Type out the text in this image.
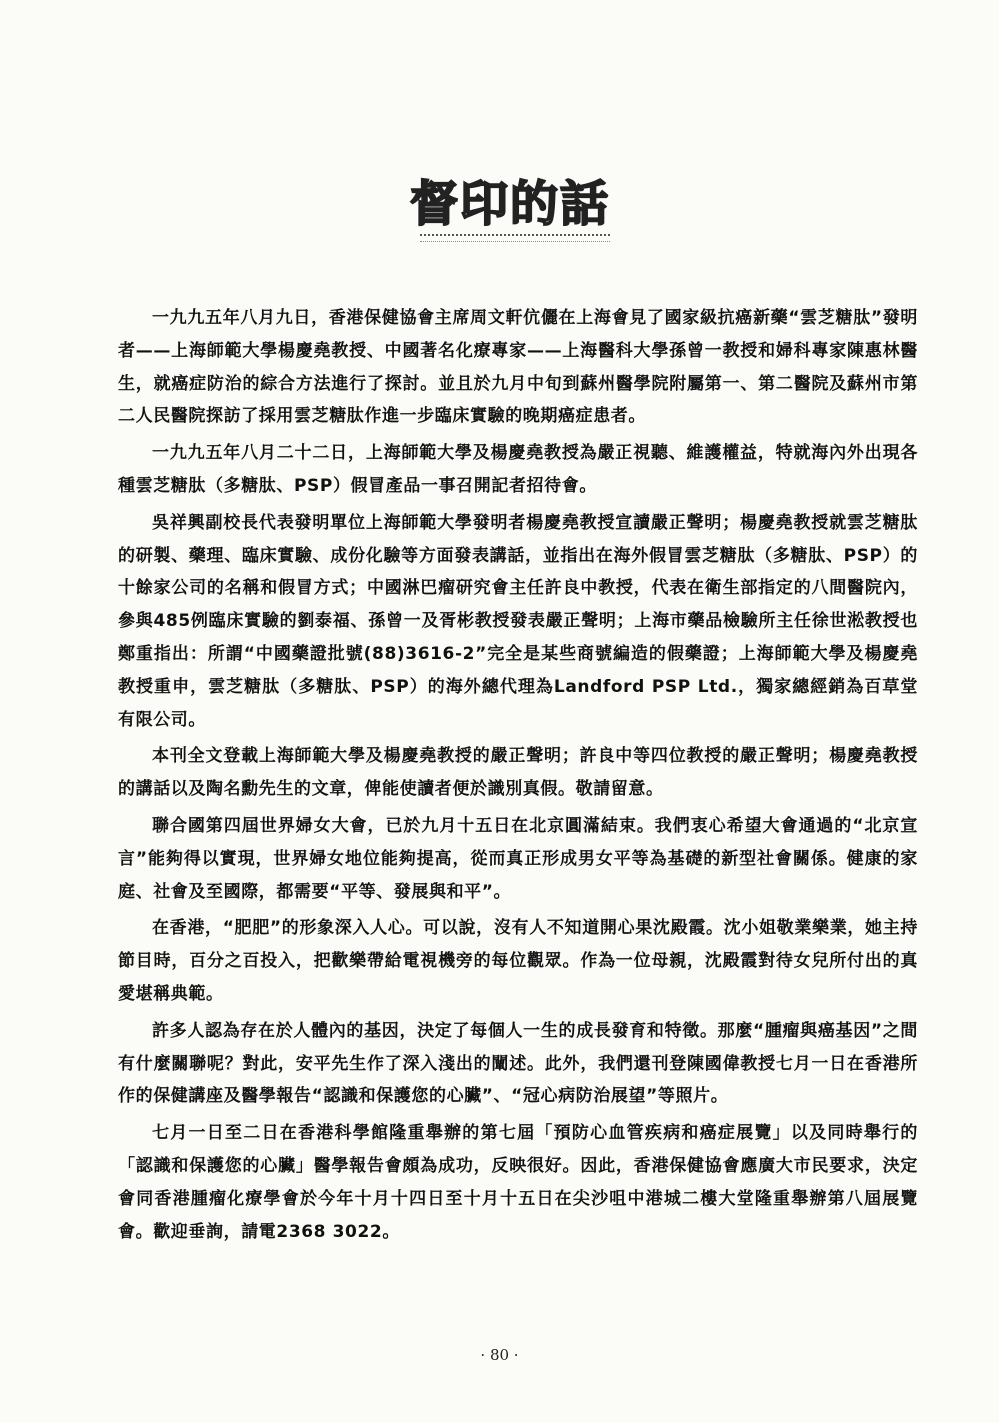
督印的話

一九九五年八月九日，香港保健協會主席周文軒伉儷在上海會見了國家級抗癌新藥“雲芝糖肽”發明者——上海師範大學楊慶堯教授、中國著名化療專家——上海醫科大學孫曾一教授和婦科專家陳惠林醫生，就癌症防治的綜合方法進行了探討。並且於九月中旬到蘇州醫學院附屬第一、第二醫院及蘇州市第二人民醫院探訪了採用雲芝糖肽作進一步臨床實驗的晚期癌症患者。

一九九五年八月二十二日，上海師範大學及楊慶堯教授為嚴正視聽、維護權益，特就海內外出現各種雲芝糖肽（多糖肽、PSP）假冒產品一事召開記者招待會。

吳祥興副校長代表發明單位上海師範大學發明者楊慶堯教授宣讀嚴正聲明；楊慶堯教授就雲芝糖肽的研製、藥理、臨床實驗、成份化驗等方面發表講話，並指出在海外假冒雲芝糖肽（多糖肽、PSP）的十餘家公司的名稱和假冒方式；中國淋巴瘤研究會主任許良中教授，代表在衛生部指定的八間醫院內，參與485例臨床實驗的劉泰福、孫曾一及胥彬教授發表嚴正聲明；上海市藥品檢驗所主任徐世淞教授也鄭重指出：所謂“中國藥證批號(88)3616-2”完全是某些商號編造的假藥證；上海師範大學及楊慶堯教授重申，雲芝糖肽（多糖肽、PSP）的海外總代理為Landford PSP Ltd.，獨家總經銷為百草堂有限公司。

本刊全文登載上海師範大學及楊慶堯教授的嚴正聲明；許良中等四位教授的嚴正聲明；楊慶堯教授的講話以及陶名勳先生的文章，俾能使讀者便於識別真假。敬請留意。

聯合國第四屆世界婦女大會，已於九月十五日在北京圓滿結束。我們衷心希望大會通過的“北京宣言”能夠得以實現，世界婦女地位能夠提高，從而真正形成男女平等為基礎的新型社會關係。健康的家庭、社會及至國際，都需要“平等、發展與和平”。

在香港，“肥肥”的形象深入人心。可以說，沒有人不知道開心果沈殿霞。沈小姐敬業樂業，她主持節目時，百分之百投入，把歡樂帶給電視機旁的每位觀眾。作為一位母親，沈殿霞對待女兒所付出的真愛堪稱典範。

許多人認為存在於人體內的基因，決定了每個人一生的成長發育和特徵。那麼“腫瘤與癌基因”之間有什麼關聯呢？對此，安平先生作了深入淺出的闡述。此外，我們還刊登陳國偉教授七月一日在香港所作的保健講座及醫學報告“認識和保護您的心臟”、“冠心病防治展望”等照片。

七月一日至二日在香港科學館隆重舉辦的第七屆「預防心血管疾病和癌症展覽」以及同時舉行的「認識和保護您的心臟」醫學報告會頗為成功，反映很好。因此，香港保健協會應廣大市民要求，決定會同香港腫瘤化療學會於今年十月十四日至十月十五日在尖沙咀中港城二樓大堂隆重舉辦第八屆展覽會。歡迎垂詢，請電2368 3022。

· 80 ·
